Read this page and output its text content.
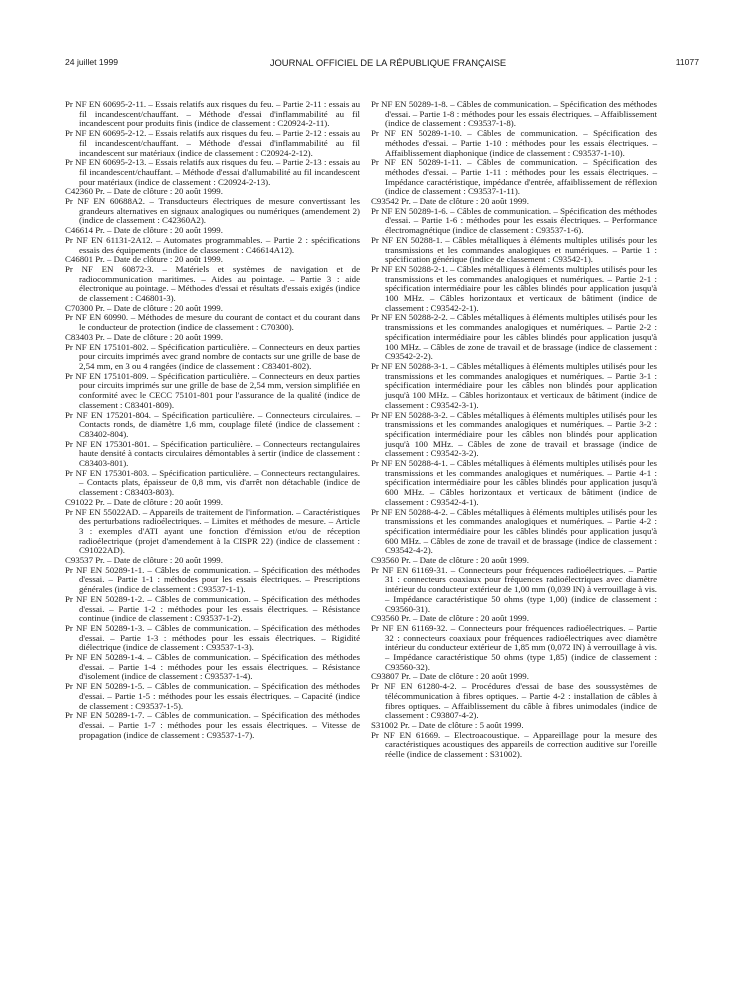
24 juillet 1999	JOURNAL OFFICIEL DE LA RÉPUBLIQUE FRANÇAISE	11077

Pr NF EN 60695-2-11. – Essais relatifs aux risques du feu. – Partie 2-11 : essais au fil incandescent/chauffant. – Méthode d'essai d'inflammabilité au fil incandescent pour produits finis (indice de classement : C20924-2-11).

Pr NF EN 60695-2-12. – Essais relatifs aux risques du feu. – Partie 2-12 : essais au fil incandescent/chauffant. – Méthode d'essai d'inflammabilité au fil incandescent sur matériaux (indice de classement : C20924-2-12).

Pr NF EN 60695-2-13. – Essais relatifs aux risques du feu. – Partie 2-13 : essais au fil incandescent/chauffant. – Méthode d'essai d'allumabilité au fil incandescent pour matériaux (indice de classement : C20924-2-13).

C42360 Pr. – Date de clôture : 20 août 1999.

Pr NF EN 60688A2. – Transducteurs électriques de mesure convertissant les grandeurs alternatives en signaux analogiques ou numériques (amendement 2) (indice de classement : C42360A2).

C46614 Pr. – Date de clôture : 20 août 1999.

Pr NF EN 61131-2A12. – Automates programmables. – Partie 2 : spécifications essais des équipements (indice de classement : C46614A12).

C46801 Pr. – Date de clôture : 20 août 1999.

Pr NF EN 60872-3. – Matériels et systèmes de navigation et de radiocommunication maritimes. – Aides au pointage. – Partie 3 : aide électronique au pointage. – Méthodes d'essai et résultats d'essais exigés (indice de classement : C46801-3).

C70300 Pr. – Date de clôture : 20 août 1999.

Pr NF EN 60990. – Méthodes de mesure du courant de contact et du courant dans le conducteur de protection (indice de classement : C70300).

C83403 Pr. – Date de clôture : 20 août 1999.

Pr NF EN 175101-802. – Spécification particulière. – Connecteurs en deux parties pour circuits imprimés avec grand nombre de contacts sur une grille de base de 2,54 mm, en 3 ou 4 rangées (indice de classement : C83401-802).

Pr NF EN 175101-809. – Spécification particulière. – Connecteurs en deux parties pour circuits imprimés sur une grille de base de 2,54 mm, version simplifiée en conformité avec le CECC 75101-801 pour l'assurance de la qualité (indice de classement : C83401-809).

Pr NF EN 175201-804. – Spécification particulière. – Connecteurs circulaires. – Contacts ronds, de diamètre 1,6 mm, couplage fileté (indice de classement : C83402-804).

Pr NF EN 175301-801. – Spécification particulière. – Connecteurs rectangulaires haute densité à contacts circulaires démontables à sertir (indice de classement : C83403-801).

Pr NF EN 175301-803. – Spécification particulière. – Connecteurs rectangulaires. – Contacts plats, épaisseur de 0,8 mm, vis d'arrêt non détachable (indice de classement : C83403-803).

C91022 Pr. – Date de clôture : 20 août 1999.

Pr NF EN 55022AD. – Appareils de traitement de l'information. – Caractéristiques des perturbations radioélectriques. – Limites et méthodes de mesure. – Article 3 : exemples d'ATI ayant une fonction d'émission et/ou de réception radioélectrique (projet d'amendement à la CISPR 22) (indice de classement : C91022AD).

C93537 Pr. – Date de clôture : 20 août 1999.

Pr NF EN 50289-1-1. – Câbles de communication. – Spécification des méthodes d'essai. – Partie 1-1 : méthodes pour les essais électriques. – Prescriptions générales (indice de classement : C93537-1-1).

Pr NF EN 50289-1-2. – Câbles de communication. – Spécification des méthodes d'essai. – Partie 1-2 : méthodes pour les essais électriques. – Résistance continue (indice de classement : C93537-1-2).

Pr NF EN 50289-1-3. – Câbles de communication. – Spécification des méthodes d'essai. – Partie 1-3 : méthodes pour les essais électriques. – Rigidité diélectrique (indice de classement : C93537-1-3).

Pr NF EN 50289-1-4. – Câbles de communication. – Spécification des méthodes d'essai. – Partie 1-4 : méthodes pour les essais électriques. – Résistance d'isolement (indice de classement : C93537-1-4).

Pr NF EN 50289-1-5. – Câbles de communication. – Spécification des méthodes d'essai. – Partie 1-5 : méthodes pour les essais électriques. – Capacité (indice de classement : C93537-1-5).

Pr NF EN 50289-1-7. – Câbles de communication. – Spécification des méthodes d'essai. – Partie 1-7 : méthodes pour les essais électriques. – Vitesse de propagation (indice de classement : C93537-1-7).

Pr NF EN 50289-1-8. – Câbles de communication. – Spécification des méthodes d'essai. – Partie 1-8 : méthodes pour les essais électriques. – Affaiblissement (indice de classement : C93537-1-8).

Pr NF EN 50289-1-10. – Câbles de communication. – Spécification des méthodes d'essai. – Partie 1-10 : méthodes pour les essais électriques. – Affaiblissement diaphonique (indice de classement : C93537-1-10).

Pr NF EN 50289-1-11. – Câbles de communication. – Spécification des méthodes d'essai. – Partie 1-11 : méthodes pour les essais électriques. – Impédance caractéristique, impédance d'entrée, affaiblissement de réflexion (indice de classement : C93537-1-11).

C93542 Pr. – Date de clôture : 20 août 1999.

Pr NF EN 50289-1-6. – Câbles de communication. – Spécification des méthodes d'essai. – Partie 1-6 : méthodes pour les essais électriques. – Performance électromagnétique (indice de classement : C93537-1-6).

Pr NF EN 50288-1. – Câbles métalliques à éléments multiples utilisés pour les transmissions et les commandes analogiques et numériques. – Partie 1 : spécification générique (indice de classement : C93542-1).

Pr NF EN 50288-2-1. – Câbles métalliques à éléments multiples utilisés pour les transmissions et les commandes analogiques et numériques. – Partie 2-1 : spécification intermédiaire pour les câbles blindés pour application jusqu'à 100 MHz. – Câbles horizontaux et verticaux de bâtiment (indice de classement : C93542-2-1).

Pr NF EN 50288-2-2. – Câbles métalliques à éléments multiples utilisés pour les transmissions et les commandes analogiques et numériques. – Partie 2-2 : spécification intermédiaire pour les câbles blindés pour application jusqu'à 100 MHz. – Câbles de zone de travail et de brassage (indice de classement : C93542-2-2).

Pr NF EN 50288-3-1. – Câbles métalliques à éléments multiples utilisés pour les transmissions et les commandes analogiques et numériques. – Partie 3-1 : spécification intermédiaire pour les câbles non blindés pour application jusqu'à 100 MHz. – Câbles horizontaux et verticaux de bâtiment (indice de classement : C93542-3-1).

Pr NF EN 50288-3-2. – Câbles métalliques à éléments multiples utilisés pour les transmissions et les commandes analogiques et numériques. – Partie 3-2 : spécification intermédiaire pour les câbles non blindés pour application jusqu'à 100 MHz. – Câbles de zone de travail et brassage (indice de classement : C93542-3-2).

Pr NF EN 50288-4-1. – Câbles métalliques à éléments multiples utilisés pour les transmissions et les commandes analogiques et numériques. – Partie 4-1 : spécification intermédiaire pour les câbles blindés pour application jusqu'à 600 MHz. – Câbles horizontaux et verticaux de bâtiment (indice de classement : C93542-4-1).

Pr NF EN 50288-4-2. – Câbles métalliques à éléments multiples utilisés pour les transmissions et les commandes analogiques et numériques. – Partie 4-2 : spécification intermédiaire pour les câbles blindés pour application jusqu'à 600 MHz. – Câbles de zone de travail et de brassage (indice de classement : C93542-4-2).

C93560 Pr. – Date de clôture : 20 août 1999.

Pr NF EN 61169-31. – Connecteurs pour fréquences radioélectriques. – Partie 31 : connecteurs coaxiaux pour fréquences radioélectriques avec diamètre intérieur du conducteur extérieur de 1,00 mm (0,039 IN) à verrouillage à vis. – Impédance caractéristique 50 ohms (type 1,00) (indice de classement : C93560-31).

C93560 Pr. – Date de clôture : 20 août 1999.

Pr NF EN 61169-32. – Connecteurs pour fréquences radioélectriques. – Partie 32 : connecteurs coaxiaux pour fréquences radioélectriques avec diamètre intérieur du conducteur extérieur de 1,85 mm (0,072 IN) à verrouillage à vis. – Impédance caractéristique 50 ohms (type 1,85) (indice de classement : C93560-32).

C93807 Pr. – Date de clôture : 20 août 1999.

Pr NF EN 61280-4-2. – Procédures d'essai de base des soussystèmes de télécommunication à fibres optiques. – Partie 4-2 : installation de câbles à fibres optiques. – Affaiblissement du câble à fibres unimodales (indice de classement : C93807-4-2).

S31002 Pr. – Date de clôture : 5 août 1999.

Pr NF EN 61669. – Electroacoustique. – Appareillage pour la mesure des caractéristiques acoustiques des appareils de correction auditive sur l'oreille réelle (indice de classement : S31002).
